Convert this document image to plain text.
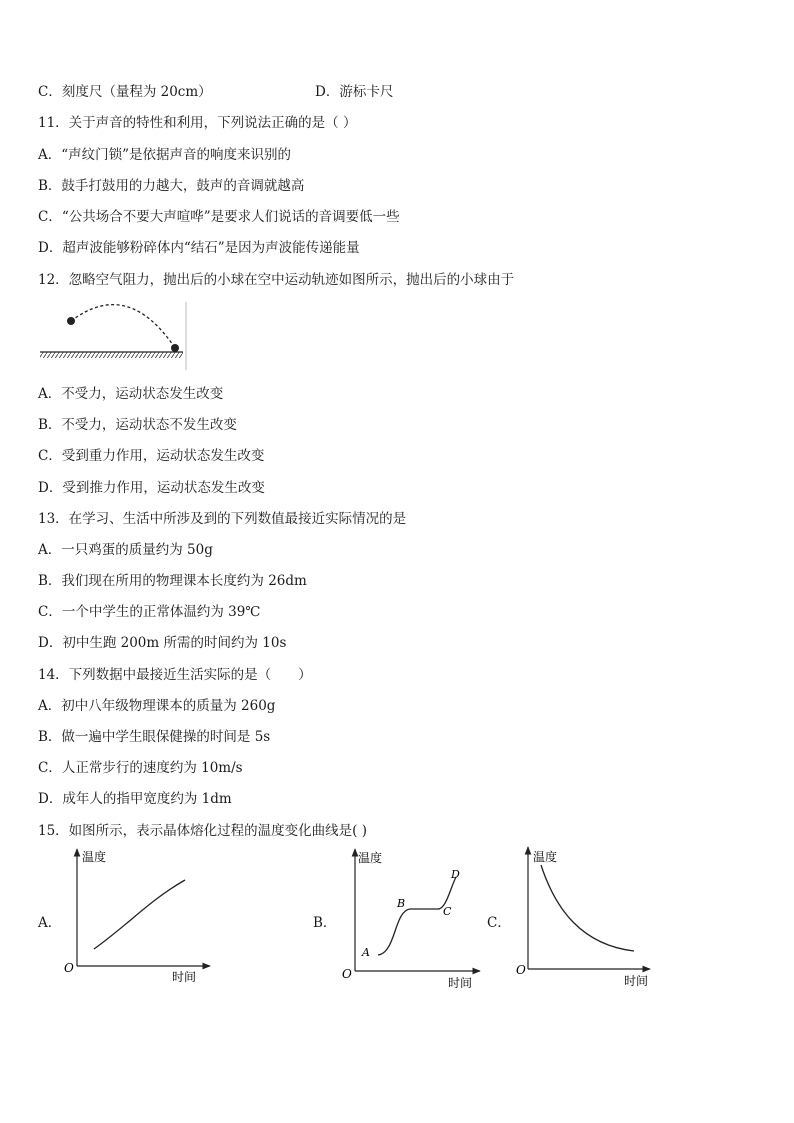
C．刻度尺（量程为 20cm）	D．游标卡尺
11．关于声音的特性和利用，下列说法正确的是（ ）
A．“声纹门锁”是依据声音的响度来识别的
B．鼓手打鼓用的力越大，鼓声的音调就越高
C．“公共场合不要大声喧哗”是要求人们说话的音调要低一些
D．超声波能够粉碎体内“结石”是因为声波能传递能量
12．忽略空气阻力，抛出后的小球在空中运动轨迹如图所示，抛出后的小球由于
A．不受力，运动状态发生改变
B．不受力，运动状态不发生改变
C．受到重力作用，运动状态发生改变
D．受到推力作用，运动状态发生改变
13．在学习、生活中所涉及到的下列数值最接近实际情况的是
A．一只鸡蛋的质量约为 50g
B．我们现在所用的物理课本长度约为 26dm
C．一个中学生的正常体温约为 39℃
D．初中生跑 200m 所需的时间约为 10s
14．下列数据中最接近生活实际的是（　　）
A．初中八年级物理课本的质量为 260g
B．做一遍中学生眼保健操的时间是 5s
C．人正常步行的速度约为 10m/s
D．成年人的指甲宽度约为 1dm
15．如图所示，表示晶体熔化过程的温度变化曲线是( )
A．
温度
时间
O
B．
温度
时间
O
A
B
C
D
C．
温度
时间
O
